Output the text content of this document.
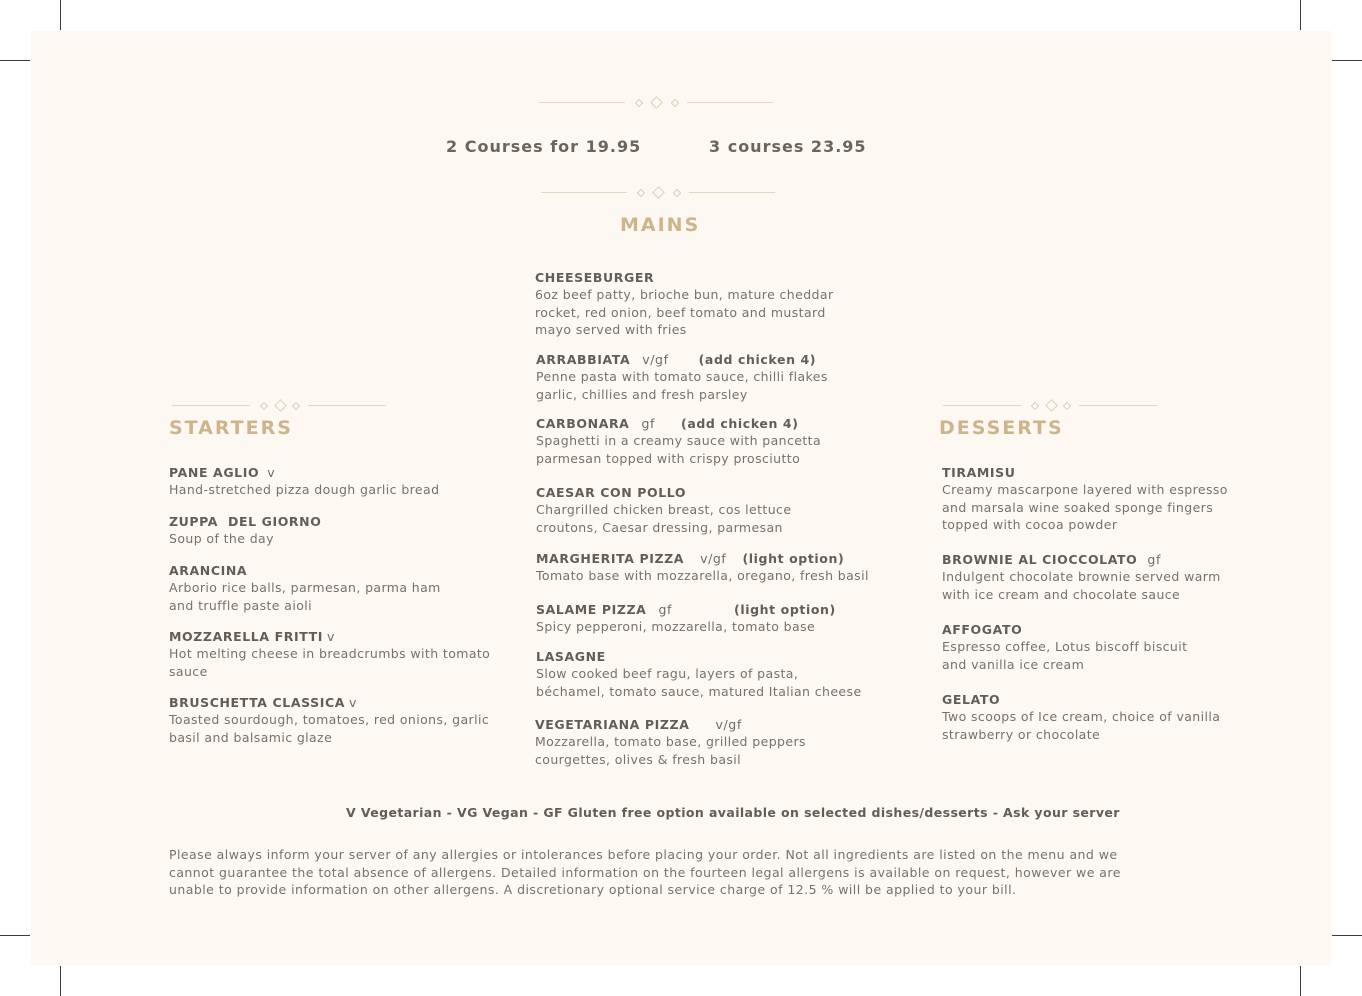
2 Courses for 19.95	3 courses 23.95
MAINS
CHEESEBURGER
6oz beef patty, brioche bun, mature cheddar rocket, red onion, beef tomato and mustard mayo served with fries
ARRABBIATA v/gf (add chicken 4)
Penne pasta with tomato sauce, chilli flakes garlic, chillies and fresh parsley
CARBONARA gf (add chicken 4)
Spaghetti in a creamy sauce with pancetta parmesan topped with crispy prosciutto
CAESAR CON POLLO
Chargrilled chicken breast, cos lettuce croutons, Caesar dressing, parmesan
MARGHERITA PIZZA v/gf (light option)
Tomato base with mozzarella, oregano, fresh basil
SALAME PIZZA gf	(light option)
Spicy pepperoni, mozzarella, tomato base
LASAGNE
Slow cooked beef ragu, layers of pasta, béchamel, tomato sauce, matured Italian cheese
VEGETARIANA PIZZA v/gf
Mozzarella, tomato base, grilled peppers courgettes, olives & fresh basil
STARTERS
PANE AGLIO v
Hand-stretched pizza dough garlic bread
ZUPPA  DEL GIORNO
Soup of the day
ARANCINA
Arborio rice balls, parmesan, parma ham and truffle paste aioli
MOZZARELLA FRITTI v
Hot melting cheese in breadcrumbs with tomato sauce
BRUSCHETTA CLASSICA v
Toasted sourdough, tomatoes, red onions, garlic basil and balsamic glaze
DESSERTS
TIRAMISU
Creamy mascarpone layered with espresso and marsala wine soaked sponge fingers topped with cocoa powder
BROWNIE AL CIOCCOLATO gf
Indulgent chocolate brownie served warm with ice cream and chocolate sauce
AFFOGATO
Espresso coffee, Lotus biscoff biscuit and vanilla ice cream
GELATO
Two scoops of Ice cream, choice of vanilla strawberry or chocolate
V Vegetarian - VG Vegan - GF Gluten free option available on selected dishes/desserts - Ask your server
Please always inform your server of any allergies or intolerances before placing your order. Not all ingredients are listed on the menu and we cannot guarantee the total absence of allergens. Detailed information on the fourteen legal allergens is available on request, however we are unable to provide information on other allergens. A discretionary optional service charge of 12.5 % will be applied to your bill.
